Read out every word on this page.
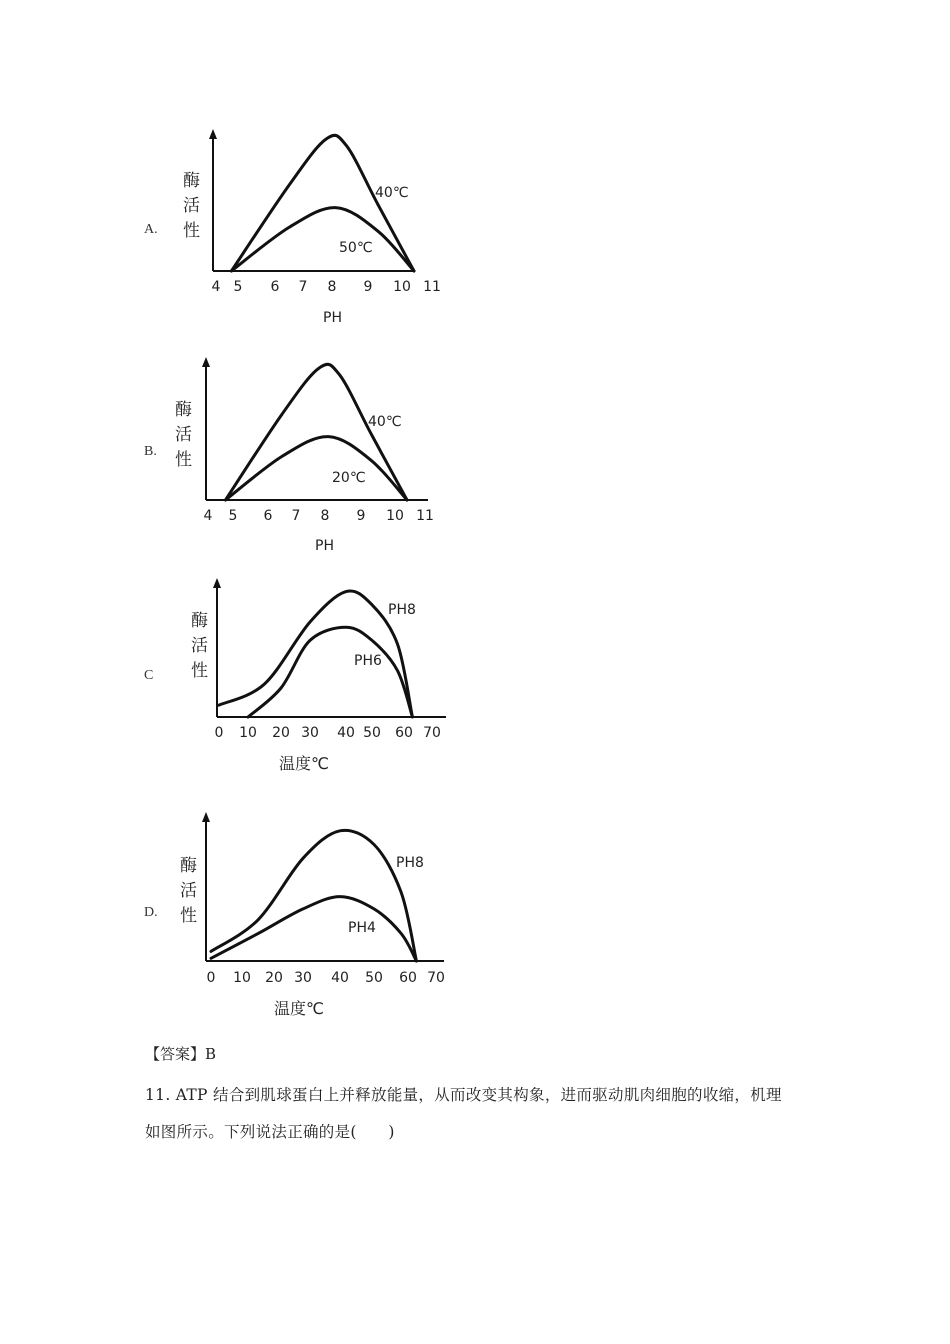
A.
B.
C
D.
酶
活
性
4 5 6 7 8 9 10 11
40℃
50℃
PH
酶
活
性
4 5 6 7 8 9 10 11
40℃
20℃
PH
酶
活
性
0 10 20 30 40 50 60 70
PH8
PH6
温度℃
酶
活
性
0 10 20 30 40 50 60 70
PH8
PH4
温度℃
【答案】B
11. ATP 结合到肌球蛋白上并释放能量，从而改变其构象，进而驱动肌肉细胞的收缩，机理
如图所示。下列说法正确的是(　　)
